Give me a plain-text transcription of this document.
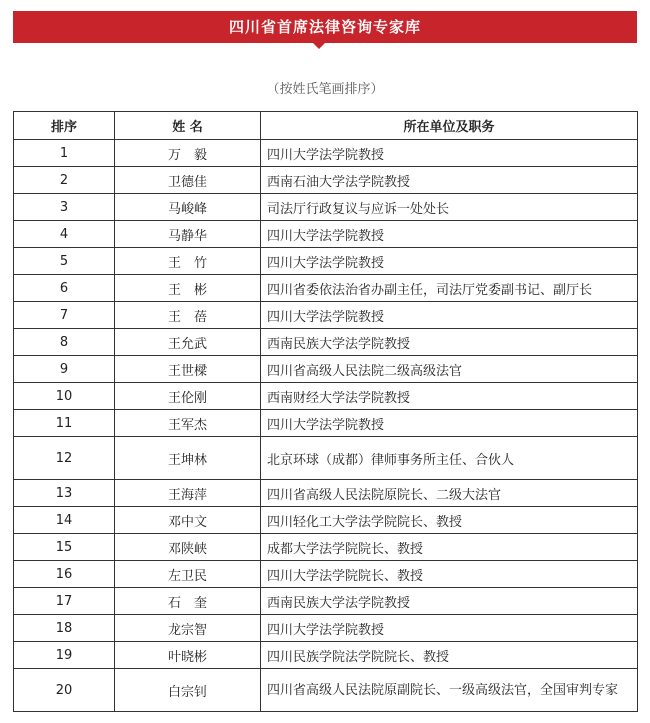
四川省首席法律咨询专家库
（按姓氏笔画排序）
排序	姓 名	所在单位及职务
1	万　毅	四川大学法学院教授
2	卫德佳	西南石油大学法学院教授
3	马峻峰	司法厅行政复议与应诉一处处长
4	马静华	四川大学法学院教授
5	王　竹	四川大学法学院教授
6	王　彬	四川省委依法治省办副主任，司法厅党委副书记、副厅长
7	王　蓓	四川大学法学院教授
8	王允武	西南民族大学法学院教授
9	王世樑	四川省高级人民法院二级高级法官
10	王伦刚	西南财经大学法学院教授
11	王军杰	四川大学法学院教授
12	王坤林	北京环球（成都）律师事务所主任、合伙人
13	王海萍	四川省高级人民法院原院长、二级大法官
14	邓中文	四川轻化工大学法学院院长、教授
15	邓陕峡	成都大学法学院院长、教授
16	左卫民	四川大学法学院院长、教授
17	石　奎	西南民族大学法学院教授
18	龙宗智	四川大学法学院教授
19	叶晓彬	四川民族学院法学院院长、教授
20	白宗钊	四川省高级人民法院原副院长、一级高级法官，全国审判专家
